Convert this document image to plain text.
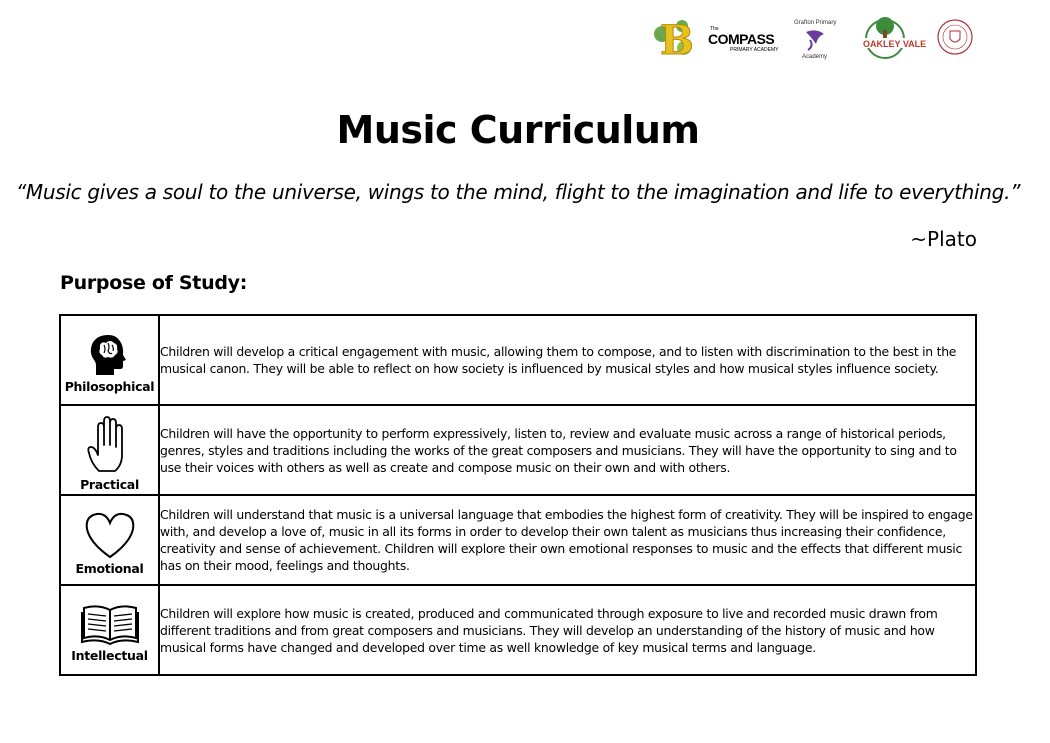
B	The
COMPASS
PRIMARY ACADEMY
Grafton Primary
Academy
OAKLEY VALE
Music Curriculum

“Music gives a soul to the universe, wings to the mind, flight to the imagination and life to everything.”

~Plato

Purpose of Study:
Philosophical	Children will develop a critical engagement with music, allowing them to compose, and to listen with discrimination to the best in the musical canon. They will be able to reflect on how society is influenced by musical styles and how musical styles influence society.

Practical	Children will have the opportunity to perform expressively, listen to, review and evaluate music across a range of historical periods, genres, styles and traditions including the works of the great composers and musicians. They will have the opportunity to sing and to use their voices with others as well as create and compose music on their own and with others.

Emotional	Children will understand that music is a universal language that embodies the highest form of creativity. They will be inspired to engage with, and develop a love of, music in all its forms in order to develop their own talent as musicians thus increasing their confidence, creativity and sense of achievement. Children will explore their own emotional responses to music and the effects that different music has on their mood, feelings and thoughts.

Intellectual	Children will explore how music is created, produced and communicated through exposure to live and recorded music drawn from different traditions and from great composers and musicians. They will develop an understanding of the history of music and how musical forms have changed and developed over time as well knowledge of key musical terms and language.
